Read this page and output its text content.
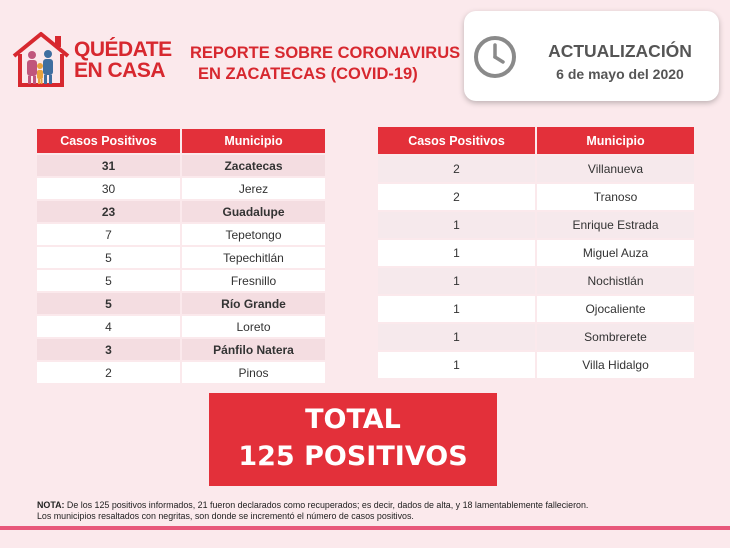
QUÉDATE
EN CASA
REPORTE SOBRE CORONAVIRUS
EN ZACATECAS (COVID-19)
ACTUALIZACIÓN
6 de mayo del 2020
Casos Positivos	Municipio
31	Zacatecas
30	Jerez
23	Guadalupe
7	Tepetongo
5	Tepechitlán
5	Fresnillo
5	Río Grande
4	Loreto
3	Pánfilo Natera
2	Pinos
Casos Positivos	Municipio
2	Villanueva
2	Tranoso
1	Enrique Estrada
1	Miguel Auza
1	Nochistlán
1	Ojocaliente
1	Sombrerete
1	Villa Hidalgo
TOTAL
125 POSITIVOS
NOTA: De los 125 positivos informados, 21 fueron declarados como recuperados; es decir, dados de alta, y 18 lamentablemente fallecieron.
Los municipios resaltados con negritas, son donde se incrementó el número de casos positivos.
